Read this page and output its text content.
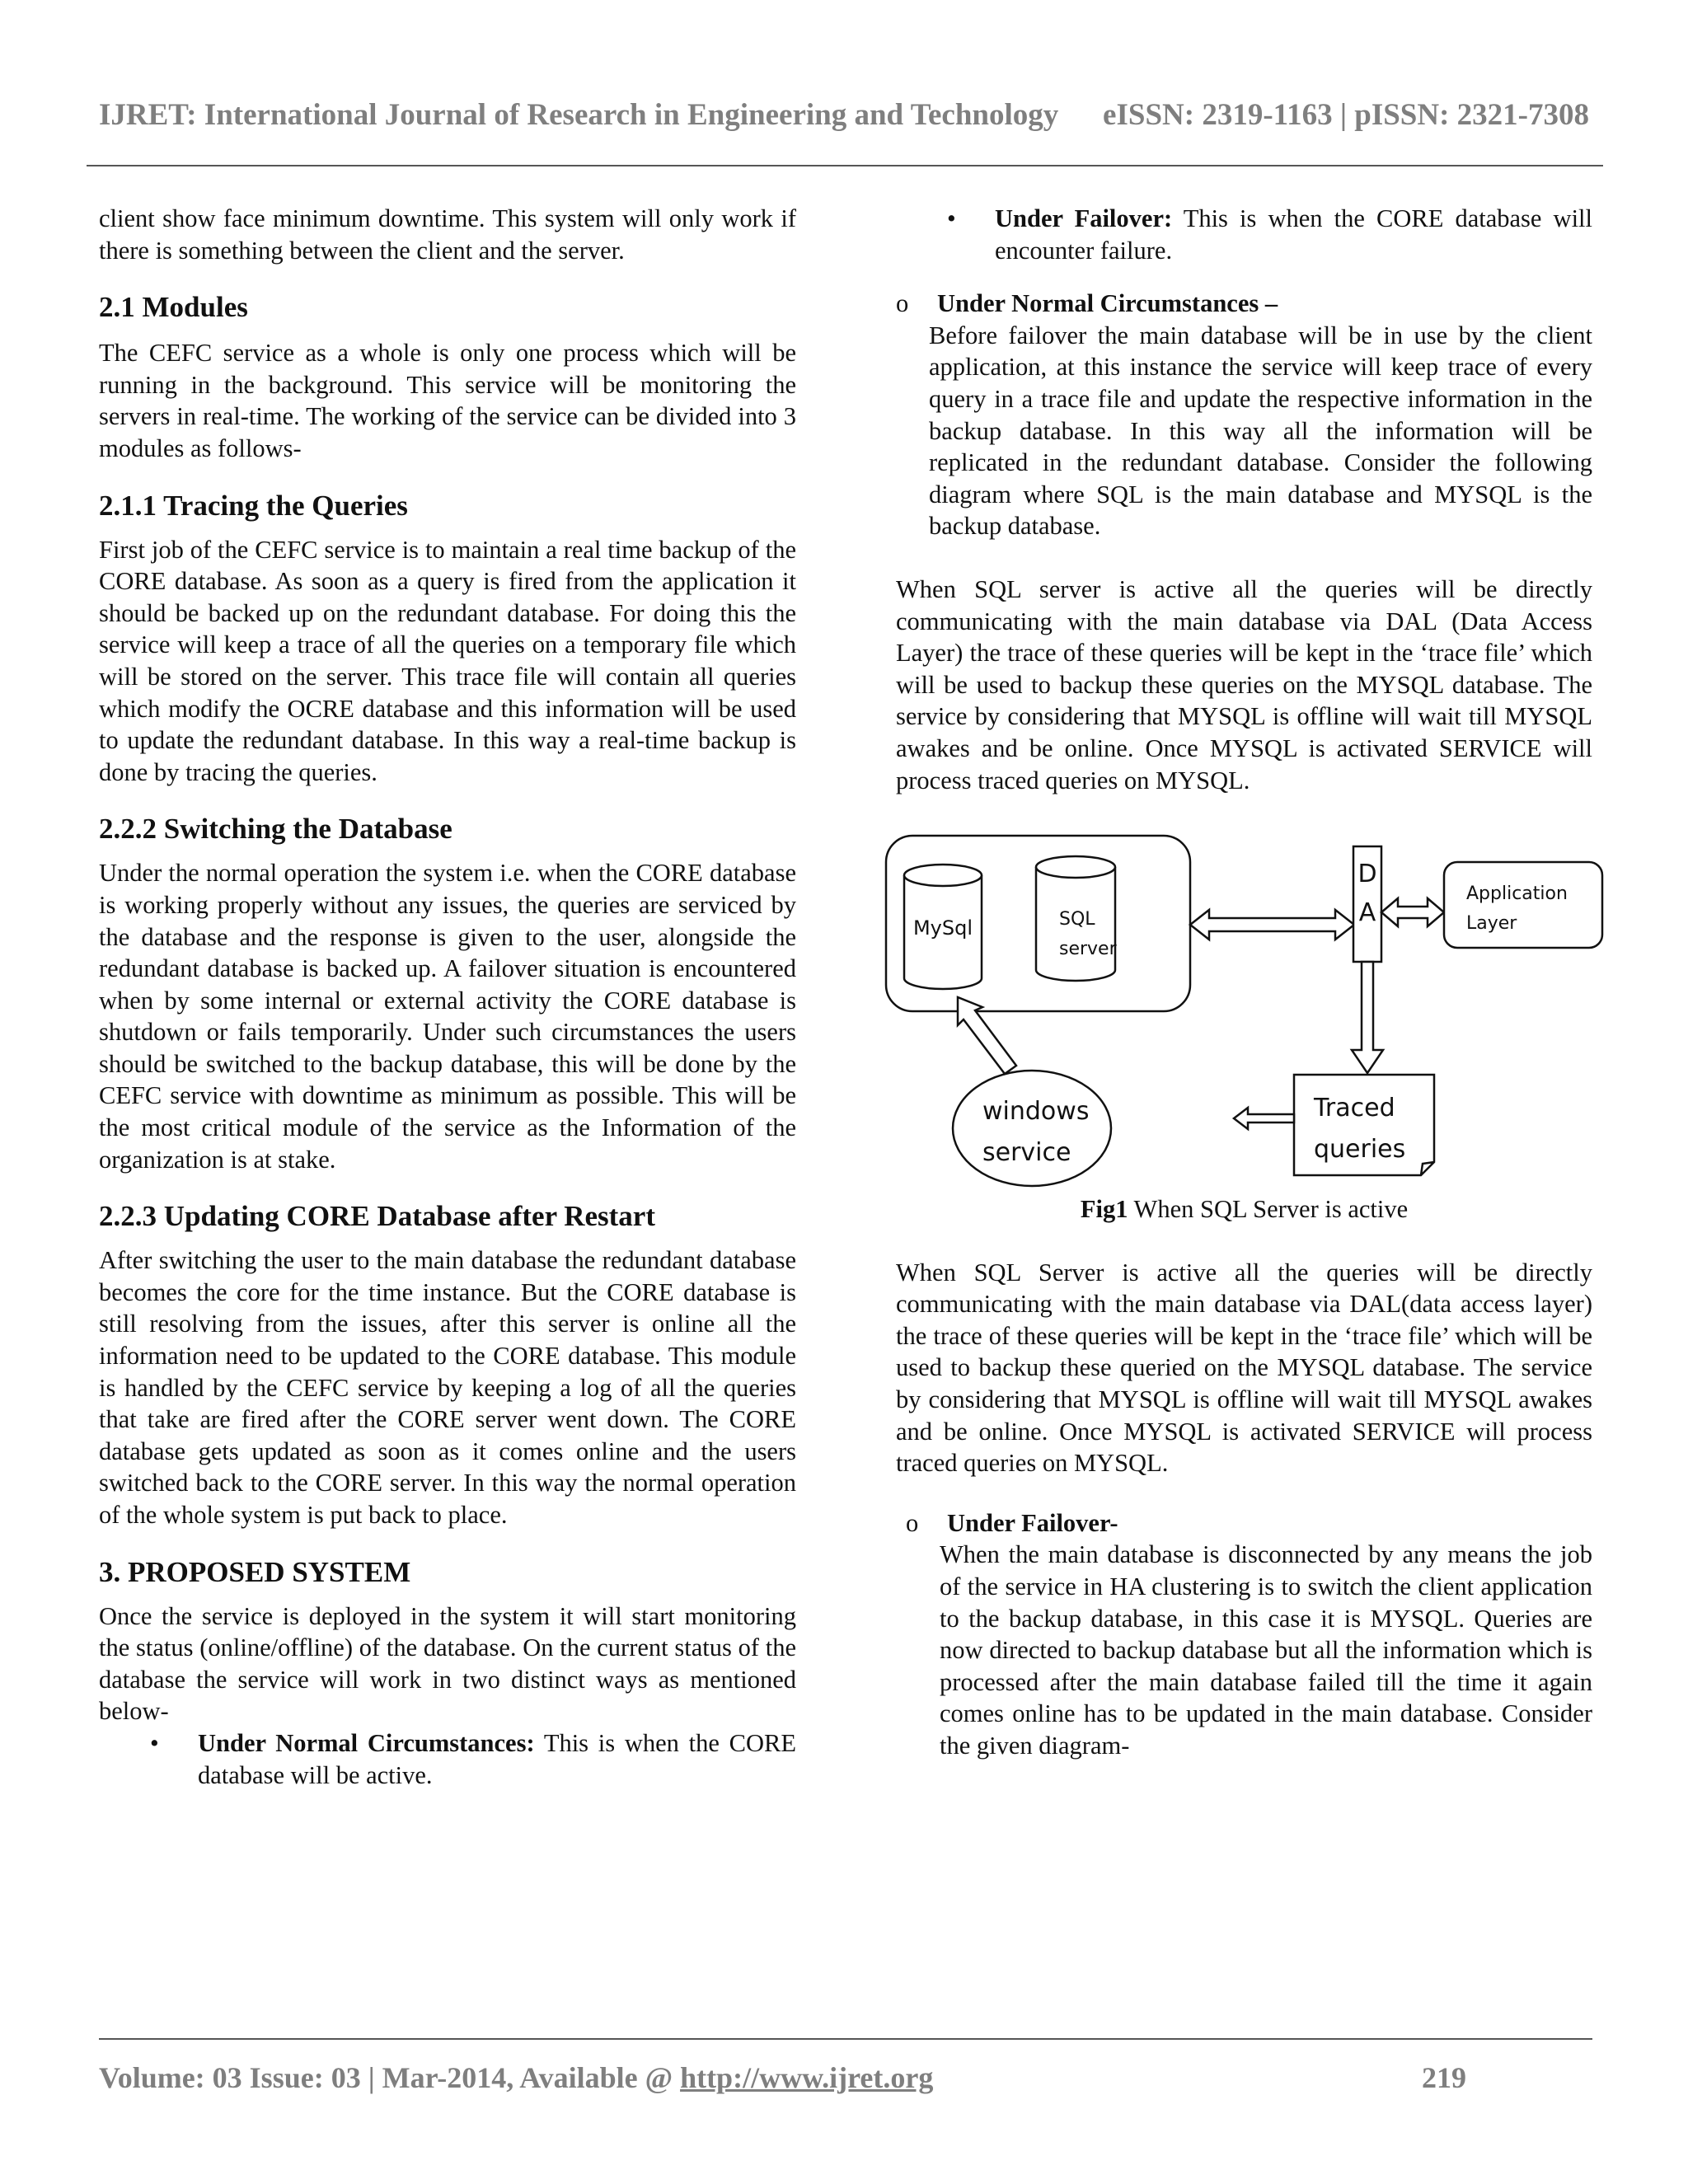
IJRET: International Journal of Research in Engineering and Technology eISSN: 2319-1163 | pISSN: 2321-7308

client show face minimum downtime. This system will only work if there is something between the client and the server.

2.1 Modules

The CEFC service as a whole is only one process which will be running in the background. This service will be monitoring the servers in real-time. The working of the service can be divided into 3 modules as follows-

2.1.1 Tracing the Queries

First job of the CEFC service is to maintain a real time backup of the CORE database. As soon as a query is fired from the application it should be backed up on the redundant database. For doing this the service will keep a trace of all the queries on a temporary file which will be stored on the server. This trace file will contain all queries which modify the OCRE database and this information will be used to update the redundant database. In this way a real-time backup is done by tracing the queries.

2.2.2 Switching the Database

Under the normal operation the system i.e. when the CORE database is working properly without any issues, the queries are serviced by the database and the response is given to the user, alongside the redundant database is backed up. A failover situation is encountered when by some internal or external activity the CORE database is shutdown or fails temporarily. Under such circumstances the users should be switched to the backup database, this will be done by the CEFC service with downtime as minimum as possible. This will be the most critical module of the service as the Information of the organization is at stake.

2.2.3 Updating CORE Database after Restart

After switching the user to the main database the redundant database becomes the core for the time instance. But the CORE database is still resolving from the issues, after this server is online all the information need to be updated to the CORE database. This module is handled by the CEFC service by keeping a log of all the queries that take are fired after the CORE server went down. The CORE database gets updated as soon as it comes online and the users switched back to the CORE server. In this way the normal operation of the whole system is put back to place.

3. PROPOSED SYSTEM

Once the service is deployed in the system it will start monitoring the status (online/offline) of the database. On the current status of the database the service will work in two distinct ways as mentioned below-

• Under Normal Circumstances: This is when the CORE database will be active.

• Under Failover: This is when the CORE database will encounter failure.

o Under Normal Circumstances –

Before failover the main database will be in use by the client application, at this instance the service will keep trace of every query in a trace file and update the respective information in the backup database. In this way all the information will be replicated in the redundant database. Consider the following diagram where SQL is the main database and MYSQL is the backup database.

When SQL server is active all the queries will be directly communicating with the main database via DAL (Data Access Layer) the trace of these queries will be kept in the ‘trace file’ which will be used to backup these queries on the MYSQL database. The service by considering that MYSQL is offline will wait till MYSQL awakes and be online. Once MYSQL is activated SERVICE will process traced queries on MYSQL.

MySql	SQL
server
D
A
Application
Layer
Traced
queries
windows
service

Fig1 When SQL Server is active

When SQL Server is active all the queries will be directly communicating with the main database via DAL(data access layer) the trace of these queries will be kept in the ‘trace file’ which will be used to backup these queried on the MYSQL database. The service by considering that MYSQL is offline will wait till MYSQL awakes and be online. Once MYSQL is activated SERVICE will process traced queries on MYSQL.

o Under Failover-

When the main database is disconnected by any means the job of the service in HA clustering is to switch the client application to the backup database, in this case it is MYSQL. Queries are now directed to backup database but all the information which is processed after the main database failed till the time it again comes online has to be updated in the main database. Consider the given diagram-

Volume: 03 Issue: 03 | Mar-2014, Available @ http://www.ijret.org	219
